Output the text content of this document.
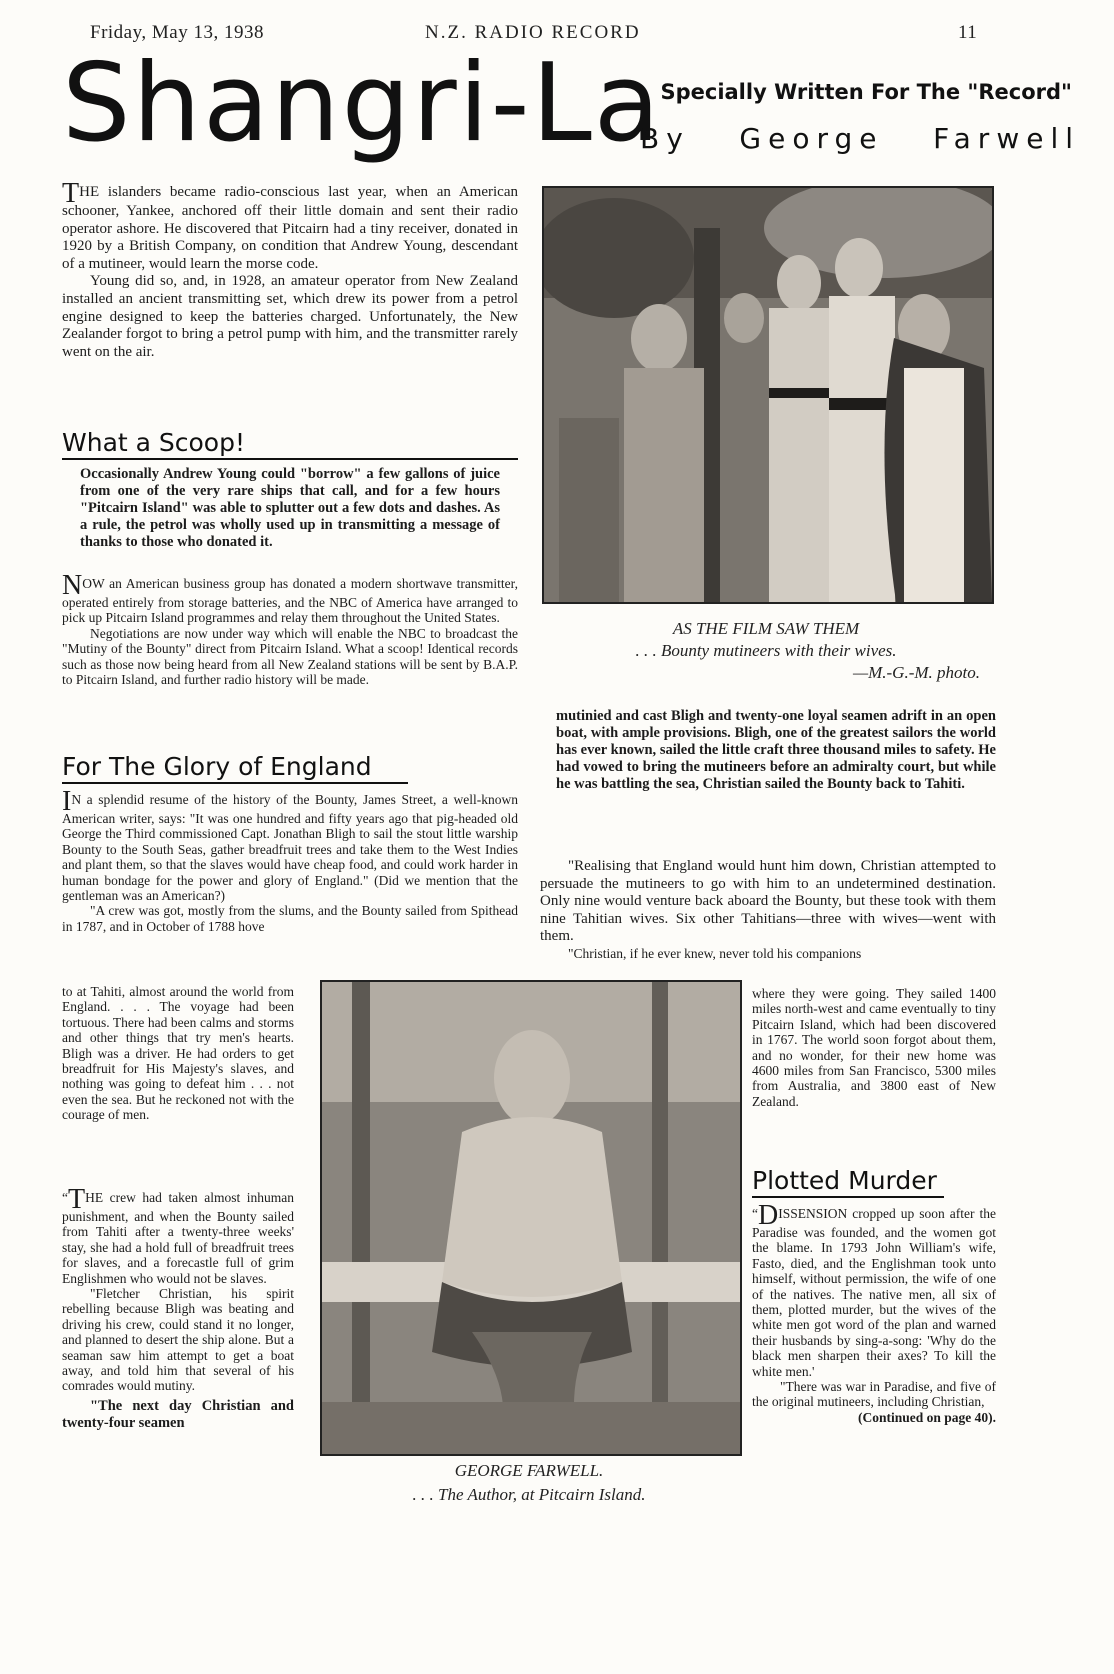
Friday, May 13, 1938	N.Z. RADIO RECORD	11
Shangri-La
Specially Written For The "Record"
By George Farwell

THE islanders became radio-conscious last year, when an American schooner, Yankee, anchored off their little domain and sent their radio operator ashore. He discovered that Pitcairn had a tiny receiver, donated in 1920 by a British Company, on condition that Andrew Young, descendant of a mutineer, would learn the morse code.

Young did so, and, in 1928, an amateur operator from New Zealand installed an ancient transmitting set, which drew its power from a petrol engine designed to keep the batteries charged. Unfortunately, the New Zealander forgot to bring a petrol pump with him, and the transmitter rarely went on the air.

What a Scoop!
Occasionally Andrew Young could "borrow" a few gallons of juice from one of the very rare ships that call, and for a few hours "Pitcairn Island" was able to splutter out a few dots and dashes. As a rule, the petrol was wholly used up in transmitting a message of thanks to those who donated it.

NOW an American business group has donated a modern shortwave transmitter, operated entirely from storage batteries, and the NBC of America have arranged to pick up Pitcairn Island programmes and relay them throughout the United States.

Negotiations are now under way which will enable the NBC to broadcast the "Mutiny of the Bounty" direct from Pitcairn Island. What a scoop! Identical records such as those now being heard from all New Zealand stations will be sent by B.A.P. to Pitcairn Island, and further radio history will be made.

For The Glory of England

IN a splendid resume of the history of the Bounty, James Street, a well-known American writer, says: "It was one hundred and fifty years ago that pig-headed old George the Third commissioned Capt. Jonathan Bligh to sail the stout little warship Bounty to the South Seas, gather breadfruit trees and take them to the West Indies and plant them, so that the slaves would have cheap food, and could work harder in human bondage for the power and glory of England." (Did we mention that the gentleman was an American?)

"A crew was got, mostly from the slums, and the Bounty sailed from Spithead in 1787, and in October of 1788 hove

to at Tahiti, almost around the world from England. . . . The voyage had been tortuous. There had been calms and storms and other things that try men's hearts. Bligh was a driver. He had orders to get breadfruit for His Majesty's slaves, and nothing was going to defeat him . . . not even the sea. But he reckoned not with the courage of men.

“THE crew had taken almost inhuman punishment, and when the Bounty sailed from Tahiti after a twenty-three weeks' stay, she had a hold full of breadfruit trees for slaves, and a forecastle full of grim Englishmen who would not be slaves.

"Fletcher Christian, his spirit rebelling because Bligh was beating and driving his crew, could stand it no longer, and planned to desert the ship alone. But a seaman saw him attempt to get a boat away, and told him that several of his comrades would mutiny.

"The next day Christian and twenty-four seamen

AS THE FILM SAW THEM
. . . Bounty mutineers with their wives.
—M.-G.-M. photo.
mutinied and cast Bligh and twenty-one loyal seamen adrift in an open boat, with ample provisions. Bligh, one of the greatest sailors the world has ever known, sailed the little craft three thousand miles to safety. He had vowed to bring the mutineers before an admiralty court, but while he was battling the sea, Christian sailed the Bounty back to Tahiti.

"Realising that England would hunt him down, Christian attempted to persuade the mutineers to go with him to an undetermined destination. Only nine would venture back aboard the Bounty, but these took with them nine Tahitian wives. Six other Tahitians—three with wives—went with them.

"Christian, if he ever knew, never told his companions

where they were going. They sailed 1400 miles north-west and came eventually to tiny Pitcairn Island, which had been discovered in 1767. The world soon forgot about them, and no wonder, for their new home was 4600 miles from San Francisco, 5300 miles from Australia, and 3800 east of New Zealand.

Plotted Murder

“DISSENSION cropped up soon after the Paradise was founded, and the women got the blame. In 1793 John William's wife, Fasto, died, and the Englishman took unto himself, without permission, the wife of one of the natives. The native men, all six of them, plotted murder, but the wives of the white men got word of the plan and warned their husbands by sing-a-song: 'Why do the black men sharpen their axes? To kill the white men.'

"There was war in Paradise, and five of the original mutineers, including Christian,

(Continued on page 40).

GEORGE FARWELL.
. . . The Author, at Pitcairn Island.
